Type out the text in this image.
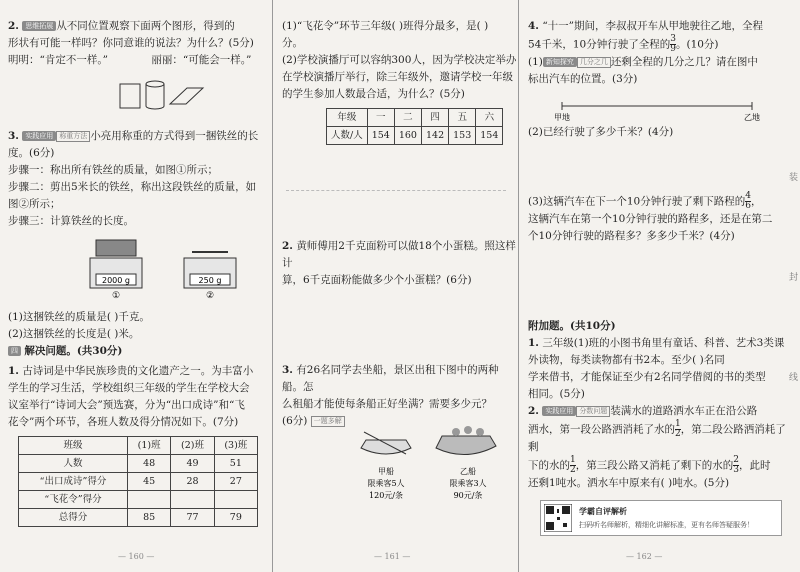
2. 思维拓展 从不同位置观察下面两个图形，得到的
形状有可能一样吗？你同意谁的说法？为什么？(5分)
明明：“肯定不一样。”	丽丽：“可能会一样。”
3. 实践应用 称重方法 小亮用称重的方式得到一捆铁丝的长
度。(6分)
步骤一：称出所有铁丝的质量，如图①所示；
步骤二：剪出5米长的铁丝，称出这段铁丝的质量，如
图②所示；
步骤三：计算铁丝的长度。
2000 g	250 g
①	②
(1)这捆铁丝的质量是( )千克。
(2)这捆铁丝的长度是( )米。
四 解决问题。(共30分)
1. 古诗词是中华民族珍贵的文化遗产之一。为丰富小
学生的学习生活，学校组织三年级的学生在学校大会
议室举行“诗词大会”预选赛，分为“出口成诗”和“飞
花令”两个环节，各班人数及得分情况如下。(7分)
班级	(1)班	(2)班	(3)班
人数	48	49	51
“出口成诗”得分	45	28	27
“飞花令”得分			
总得分	85	77	79
— 160 —
(1)“飞花令”环节三年级( )班得分最多，是( )
分。
(2)学校演播厅可以容纳300人，因为学校决定举办
在学校演播厅举行，除三年级外，邀请学校一年级
的学生参加人数最合适，为什么？(5分)
年级	一	二	四	五	六
人数/人	154	160	142	153	154
2. 黄师傅用2千克面粉可以做18个小蛋糕。照这样计
算，6千克面粉能做多少个小蛋糕？(6分)
3. 有26名同学去坐船，景区出租下图中的两种船。怎
么租船才能使每条船正好坐满？需要多少元？
(6分) 一题多解
甲船
限乘客5人
120元/条
乙船
限乘客3人
90元/条
— 161 —
4. “十一”期间，李叔叔开车从甲地驶往乙地，全程
54千米，10分钟行驶了全程的 $\frac{3}{9}$ 。(10分)
(1) 新知探究 几分之几 还剩全程的几分之几？请在图中
标出汽车的位置。(3分)
甲地	乙地
(2)已经行驶了多少千米？(4分)
(3)这辆汽车在下一个10分钟行驶了剩下路程的 $\frac{4}{6}$ ，
这辆汽车在第一个10分钟行驶的路程多，还是在第二
个10分钟行驶的路程多？多多少千米？(4分)
附加题。(共10分)
1. 三年级(1)班的小图书角里有童话、科普、艺术3类课
外读物，每类读物都有书2本。至少( )名同
学来借书，才能保证至少有2名同学借阅的书的类型
相同。(5分)
2. 实践应用 分数问题 装满水的道路洒水车正在沿公路
洒水，第一段公路洒消耗了水的 $\frac{1}{2}$ ，第二段公路洒消耗了剩
下的水的 $\frac{1}{2}$ ，第三段公路又消耗了剩下的水的 $\frac{2}{3}$ ，此时
还剩1吨水。洒水车中原来有( )吨水。(5分)
学霸自评解析
扫码听名师解析，精细化讲解标准，更有名师答疑服务！
— 162 —
装
封
线
